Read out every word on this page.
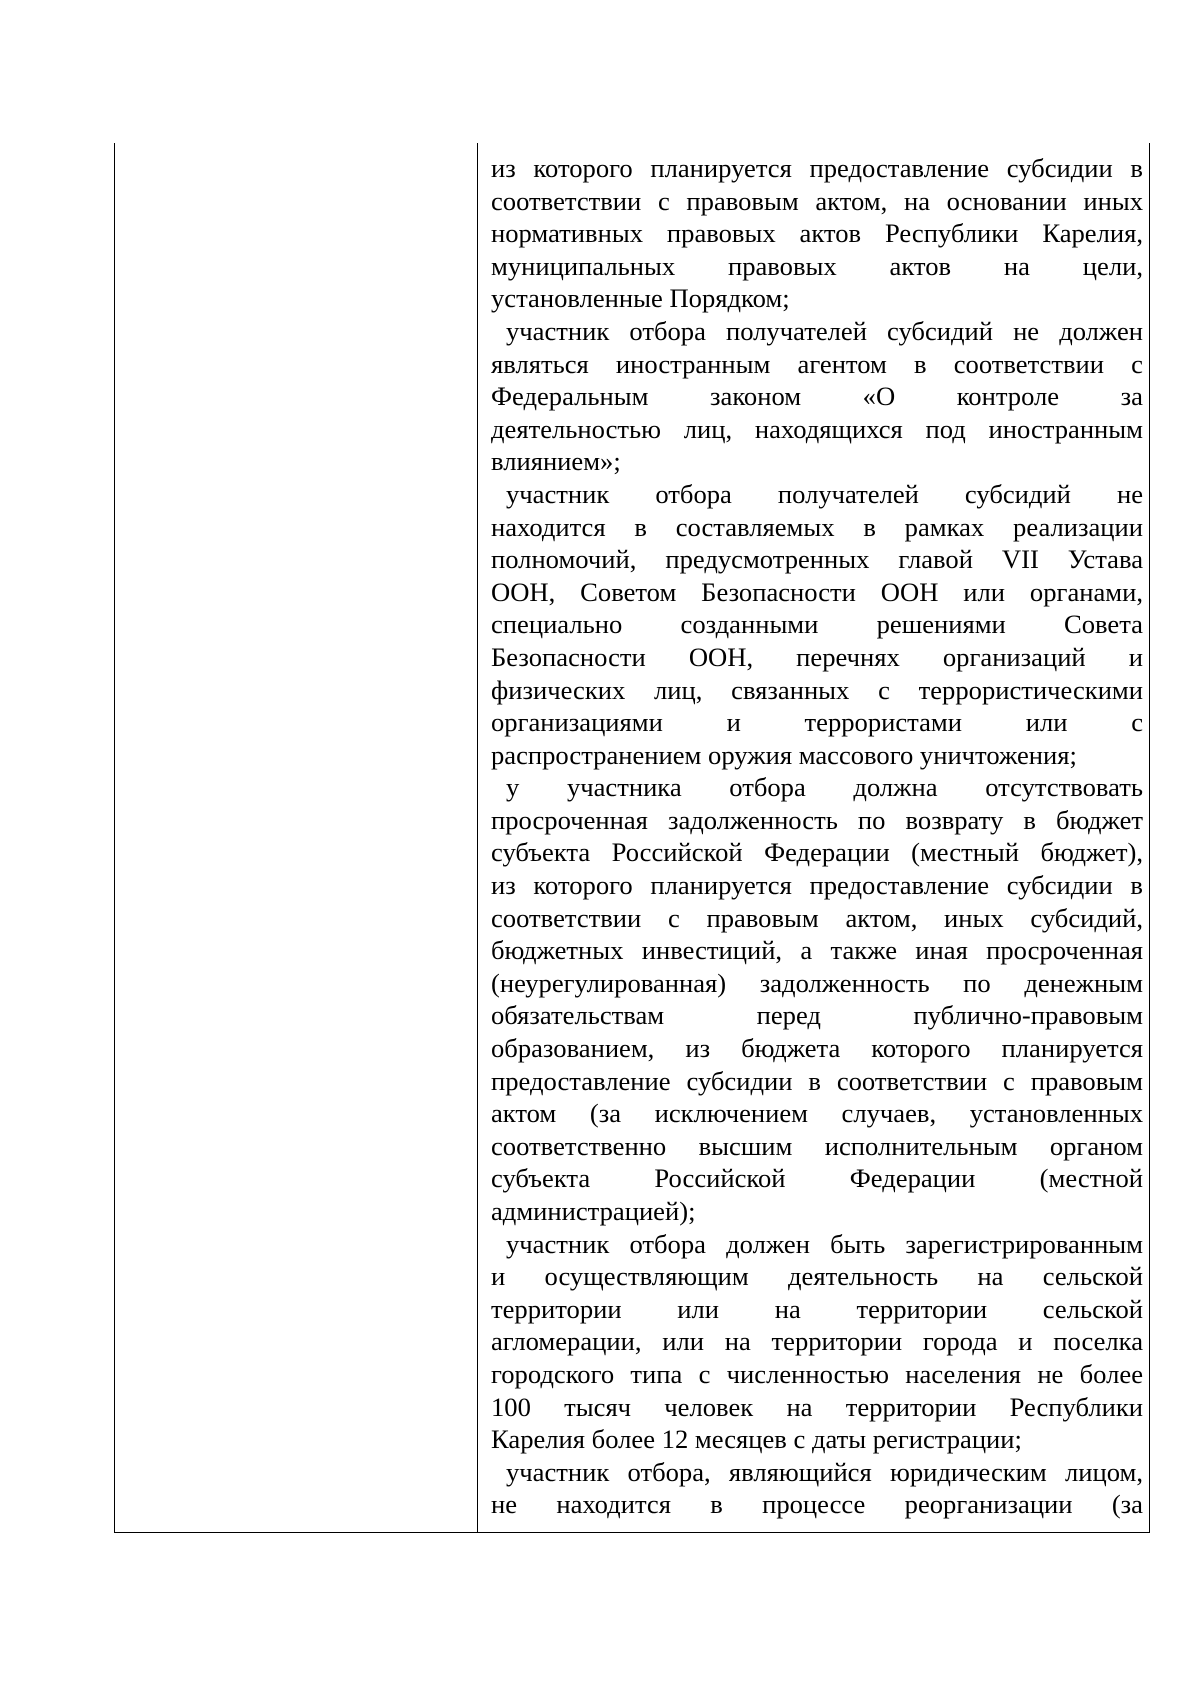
из которого планируется предоставление субсидии в
соответствии с правовым актом, на основании иных
нормативных правовых актов Республики Карелия,
муниципальных правовых актов на цели,
установленные Порядком;
участник отбора получателей субсидий не должен
являться иностранным агентом в соответствии с
Федеральным законом «О контроле за
деятельностью лиц, находящихся под иностранным
влиянием»;
участник отбора получателей субсидий не
находится в составляемых в рамках реализации
полномочий, предусмотренных главой VII Устава
ООН, Советом Безопасности ООН или органами,
специально созданными решениями Совета
Безопасности ООН, перечнях организаций и
физических лиц, связанных с террористическими
организациями и террористами или с
распространением оружия массового уничтожения;
у участника отбора должна отсутствовать
просроченная задолженность по возврату в бюджет
субъекта Российской Федерации (местный бюджет),
из которого планируется предоставление субсидии в
соответствии с правовым актом, иных субсидий,
бюджетных инвестиций, а также иная просроченная
(неурегулированная) задолженность по денежным
обязательствам перед публично-правовым
образованием, из бюджета которого планируется
предоставление субсидии в соответствии с правовым
актом (за исключением случаев, установленных
соответственно высшим исполнительным органом
субъекта Российской Федерации (местной
администрацией);
участник отбора должен быть зарегистрированным
и осуществляющим деятельность на сельской
территории или на территории сельской
агломерации, или на территории города и поселка
городского типа с численностью населения не более
100 тысяч человек на территории Республики
Карелия более 12 месяцев с даты регистрации;
участник отбора, являющийся юридическим лицом,
не находится в процессе реорганизации (за
